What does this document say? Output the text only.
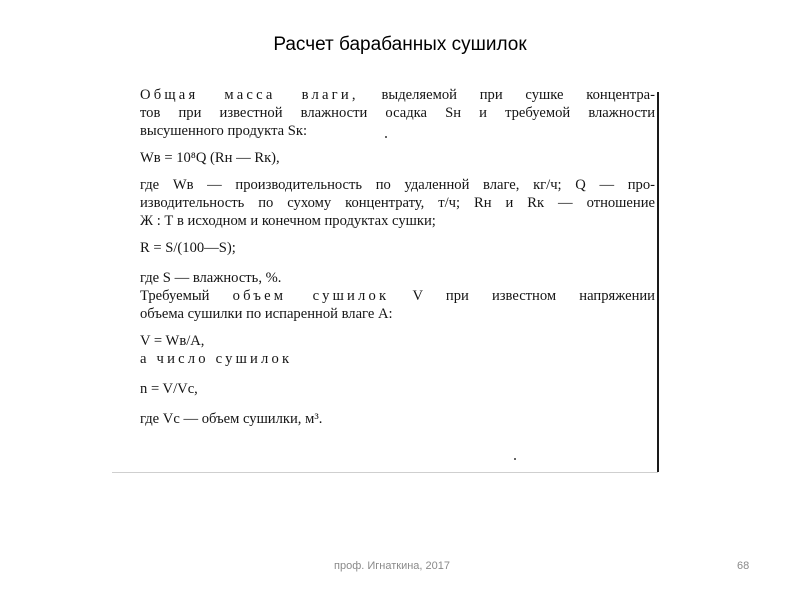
Расчет барабанных сушилок
Общая масса влаги, выделяемой при сушке концентра-
тов при известной влажности осадка Sн и требуемой влажности
высушенного продукта Sк:
Wв = 10⁸Q (Rн — Rк),
где Wв — производительность по удаленной влаге, кг/ч; Q — про-
изводительность по сухому концентрату, т/ч; Rн и Rк — отношение
Ж : Т в исходном и конечном продуктах сушки;
R = S/(100—S);
где S — влажность, %.
Требуемый объем сушилок V при известном напряжении
объема сушилки по испаренной влаге A:
V = Wв/A,
а число сушилок
n = V/Vс,
где Vс — объем сушилки, м³.
проф. Игнаткина, 2017	68
